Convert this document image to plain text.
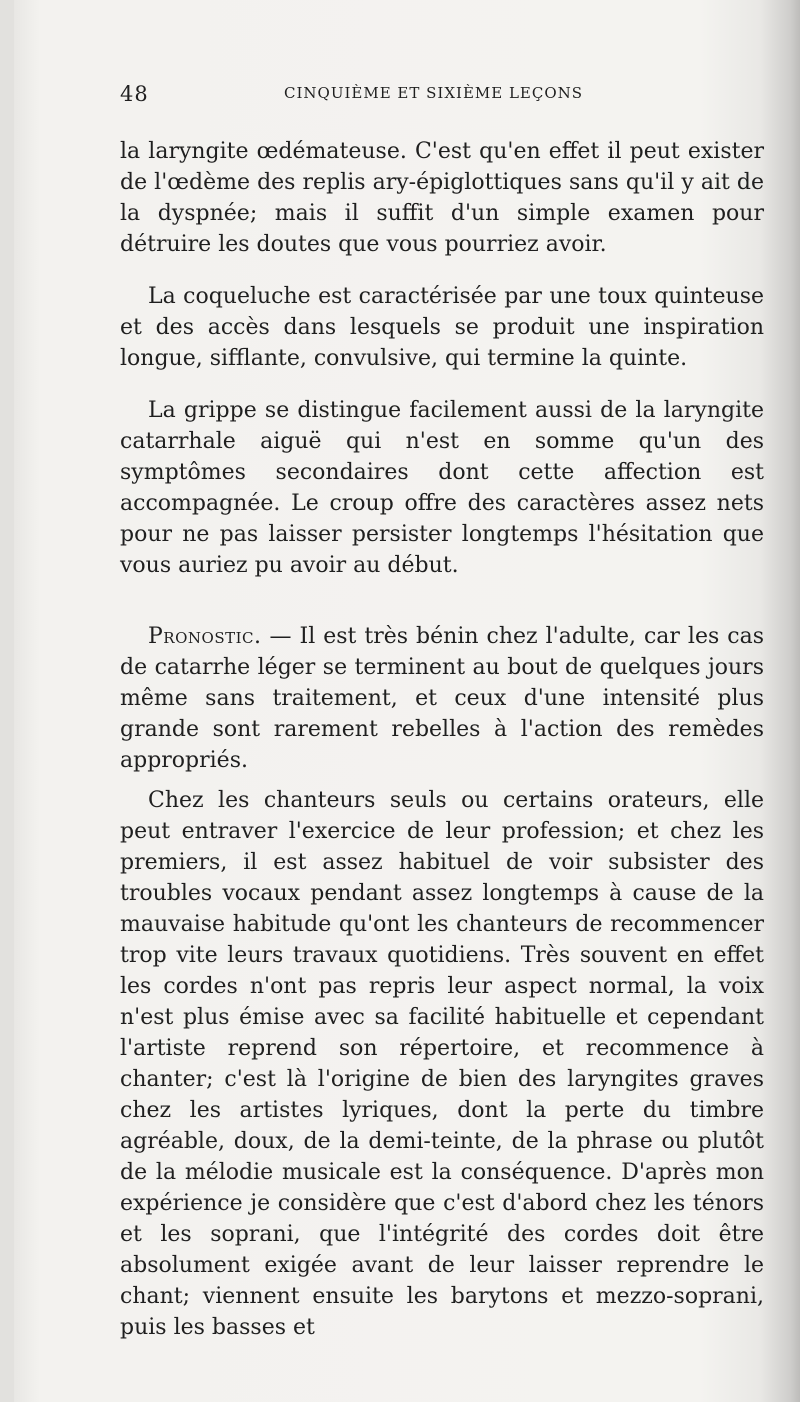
48	CINQUIÈME ET SIXIÈME LEÇONS

la laryngite œdémateuse. C'est qu'en effet il peut exister de l'œdème des replis ary-épiglottiques sans qu'il y ait de la dyspnée; mais il suffit d'un simple examen pour détruire les doutes que vous pourriez avoir.

La coqueluche est caractérisée par une toux quinteuse et des accès dans lesquels se produit une inspiration longue, sifflante, convulsive, qui termine la quinte.

La grippe se distingue facilement aussi de la laryngite catarrhale aiguë qui n'est en somme qu'un des symptômes secondaires dont cette affection est accompagnée. Le croup offre des caractères assez nets pour ne pas laisser persister longtemps l'hésitation que vous auriez pu avoir au début.

Pronostic. — Il est très bénin chez l'adulte, car les cas de catarrhe léger se terminent au bout de quelques jours même sans traitement, et ceux d'une intensité plus grande sont rarement rebelles à l'action des remèdes appropriés.

Chez les chanteurs seuls ou certains orateurs, elle peut entraver l'exercice de leur profession; et chez les premiers, il est assez habituel de voir subsister des troubles vocaux pendant assez longtemps à cause de la mauvaise habitude qu'ont les chanteurs de recommencer trop vite leurs travaux quotidiens. Très souvent en effet les cordes n'ont pas repris leur aspect normal, la voix n'est plus émise avec sa facilité habituelle et cependant l'artiste reprend son répertoire, et recommence à chanter; c'est là l'origine de bien des laryngites graves chez les artistes lyriques, dont la perte du timbre agréable, doux, de la demi-teinte, de la phrase ou plutôt de la mélodie musicale est la conséquence. D'après mon expérience je considère que c'est d'abord chez les ténors et les soprani, que l'intégrité des cordes doit être absolument exigée avant de leur laisser reprendre le chant; viennent ensuite les barytons et mezzo-soprani, puis les basses et
